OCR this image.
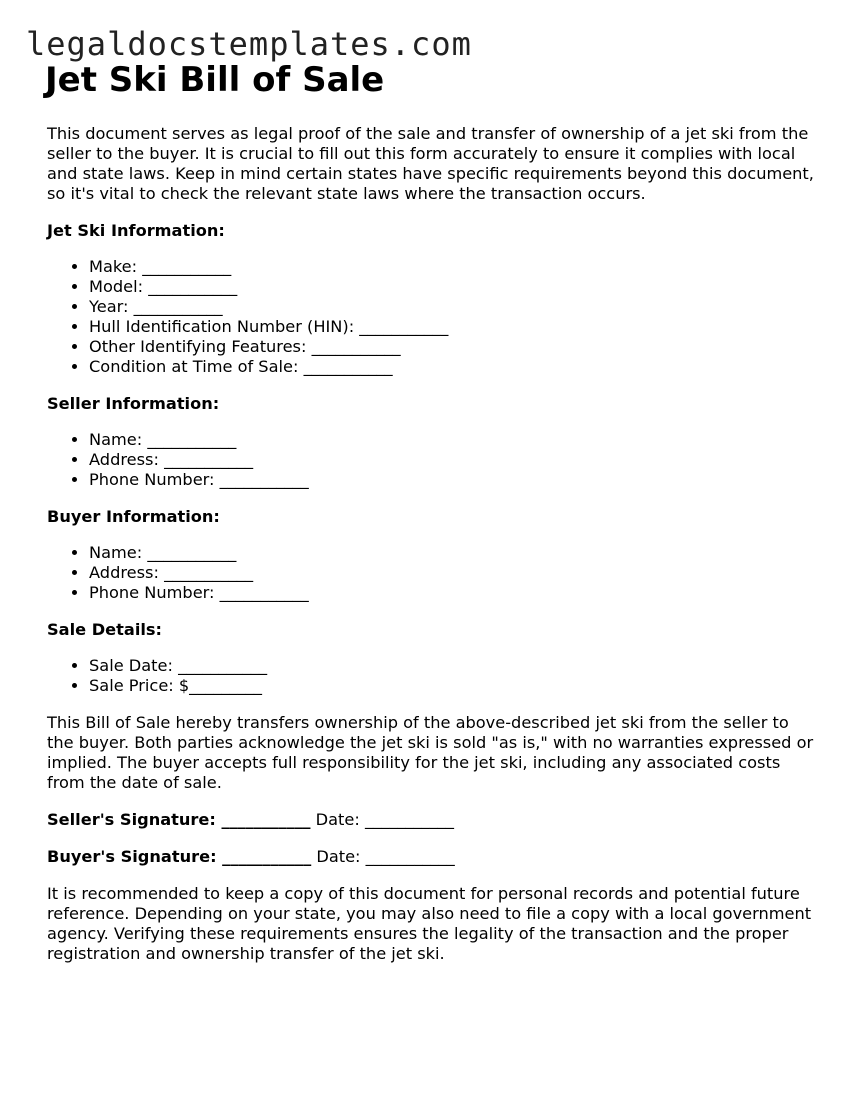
legaldocstemplates.com
Jet Ski Bill of Sale

This document serves as legal proof of the sale and transfer of ownership of a jet ski from the seller to the buyer. It is crucial to fill out this form accurately to ensure it complies with local and state laws. Keep in mind certain states have specific requirements beyond this document, so it's vital to check the relevant state laws where the transaction occurs.

Jet Ski Information:

• Make: ___________
• Model: ___________
• Year: ___________
• Hull Identification Number (HIN): ___________
• Other Identifying Features: ___________
• Condition at Time of Sale: ___________

Seller Information:

• Name: ___________
• Address: ___________
• Phone Number: ___________

Buyer Information:

• Name: ___________
• Address: ___________
• Phone Number: ___________

Sale Details:

• Sale Date: ___________
• Sale Price: $_________

This Bill of Sale hereby transfers ownership of the above-described jet ski from the seller to the buyer. Both parties acknowledge the jet ski is sold "as is," with no warranties expressed or implied. The buyer accepts full responsibility for the jet ski, including any associated costs from the date of sale.

Seller's Signature: ___________ Date: ___________

Buyer's Signature: ___________ Date: ___________

It is recommended to keep a copy of this document for personal records and potential future reference. Depending on your state, you may also need to file a copy with a local government agency. Verifying these requirements ensures the legality of the transaction and the proper registration and ownership transfer of the jet ski.
